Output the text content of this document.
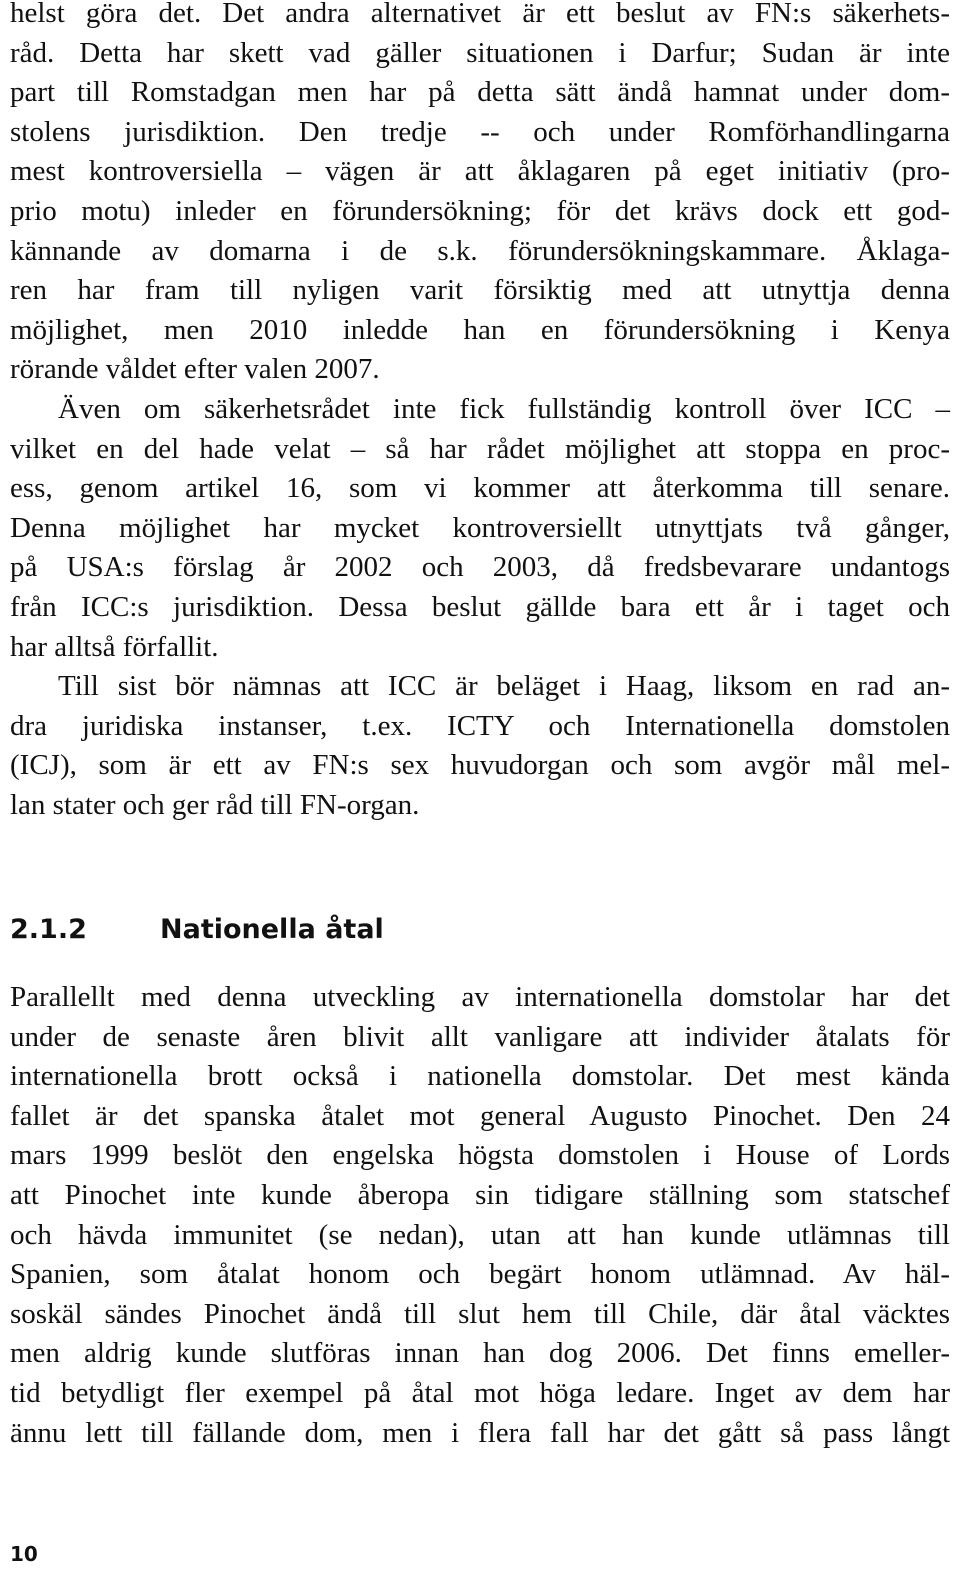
helst göra det. Det andra alternativet är ett beslut av FN:s säkerhets-
råd. Detta har skett vad gäller situationen i Darfur; Sudan är inte
part till Romstadgan men har på detta sätt ändå hamnat under dom-
stolens jurisdiktion. Den tredje -- och under Romförhandlingarna
mest kontroversiella – vägen är att åklagaren på eget initiativ (pro-
prio motu) inleder en förundersökning; för det krävs dock ett god-
kännande av domarna i de s.k. förundersökningskammare. Åklaga-
ren har fram till nyligen varit försiktig med att utnyttja denna
möjlighet, men 2010 inledde han en förundersökning i Kenya
rörande våldet efter valen 2007.
Även om säkerhetsrådet inte fick fullständig kontroll över ICC –
vilket en del hade velat – så har rådet möjlighet att stoppa en proc-
ess, genom artikel 16, som vi kommer att återkomma till senare.
Denna möjlighet har mycket kontroversiellt utnyttjats två gånger,
på USA:s förslag år 2002 och 2003, då fredsbevarare undantogs
från ICC:s jurisdiktion. Dessa beslut gällde bara ett år i taget och
har alltså förfallit.
Till sist bör nämnas att ICC är beläget i Haag, liksom en rad an-
dra juridiska instanser, t.ex. ICTY och Internationella domstolen
(ICJ), som är ett av FN:s sex huvudorgan och som avgör mål mel-
lan stater och ger råd till FN-organ.
2.1.2	Nationella åtal
Parallellt med denna utveckling av internationella domstolar har det
under de senaste åren blivit allt vanligare att individer åtalats för
internationella brott också i nationella domstolar. Det mest kända
fallet är det spanska åtalet mot general Augusto Pinochet. Den 24
mars 1999 beslöt den engelska högsta domstolen i House of Lords
att Pinochet inte kunde åberopa sin tidigare ställning som statschef
och hävda immunitet (se nedan), utan att han kunde utlämnas till
Spanien, som åtalat honom och begärt honom utlämnad. Av häl-
soskäl sändes Pinochet ändå till slut hem till Chile, där åtal väcktes
men aldrig kunde slutföras innan han dog 2006. Det finns emeller-
tid betydligt fler exempel på åtal mot höga ledare. Inget av dem har
ännu lett till fällande dom, men i flera fall har det gått så pass långt
10
